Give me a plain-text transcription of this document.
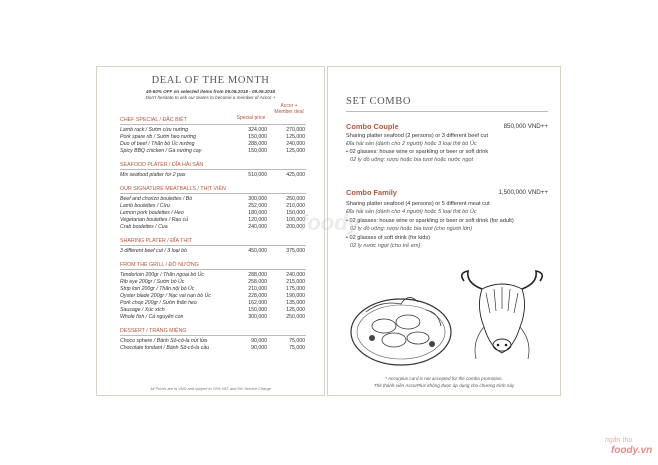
DEAL OF THE MONTH
40-50% OFF on selected items from 09.08.2018 - 09.09.2018
Don't hesitate to ask our teams to become a member of Accor +
Special price
Accor + Member deal
CHEF SPECIAL / ĐẶC BIỆT
Lamb rack / Sườn cừu nướng	324,000	270,000
Pork spare rib / Sườn heo nướng	150,000	125,000
Duo of beef / Thăn bò Úc nướng	288,000	240,000
Spicy BBQ chicken / Gà nướng cay	150,000	125,000
SEAFOOD PLATER / ĐĨA HẢI SẢN
Mix seafood platter for 2 pax	510,000	425,000
OUR SIGNATURE MEATBALLS / THỊT VIÊN
Beef and chorizo boulettes / Bò	300,000	250,000
Lamb boulettes / Cừu	252,000	210,000
Lemon pork boulettes / Heo	180,000	150,000
Vegetarian boulettes / Rau củ	120,000	100,000
Crab boulettes / Cua	240,000	200,000
SHARING PLATER / ĐĨA THỊT
3 different beef cut / 3 loại bò	450,000	375,000
FROM THE GRILL / ĐỒ NƯỚNG
Tenderloin 200gr / Thăn ngoại bò Úc	288,000	240,000
Rib eye 200gr / Sườn bò Úc	258,000	215,000
Strip loin 200gr / Thăn nội bò Úc	210,000	175,000
Oyster blade 200gr / Nạc vai nạn bò Úc	228,000	190,000
Pork chop 200gr / Sườn thăn heo	162,000	135,000
Sausage / Xúc xích	150,000	125,000
Whole fish / Cá nguyên con	300,000	250,000
DESSERT / TRÁNG MIỆNG
Choco sphere / Bánh Sô-cô-la nửi lửa	90,000	75,000
Chocolate fondant / Bánh Sô-cô-la cầu	90,000	75,000
All Prices are in VND and subject to 10% VAT and 5% Service Charge
SET COMBO
Combo Couple	850,000 VND++
Sharing platter seafood (2 persons) or 3 different beef cut
Đĩa hải sản (dành cho 2 người) hoặc 3 loại thịt bò Úc
• 02 glasses: house wine or sparkling or beer or soft drink
02 ly đồ uống: rượu hoặc bia tươi hoặc nước ngọt
Combo Family	1,500,000 VND++
Sharing platter seafood (4 persons) or 5 different meat cut
Đĩa hải sản (dành cho 4 người) hoặc 5 loại thịt bò Úc
• 02 glasses: house wine or sparkling or beer or soft drink (for adult)
02 ly đồ uống: rượu hoặc bia tươi (cho người lớn)
• 02 glasses of soft drink (for kids)
02 ly nước ngọt (cho trẻ em)
* Accorplus card is not accepted for the combo promotion.
Thẻ thành viên AccorPlus không được áp dụng cho chương trình này
foody
ngân thu
foody.vn
